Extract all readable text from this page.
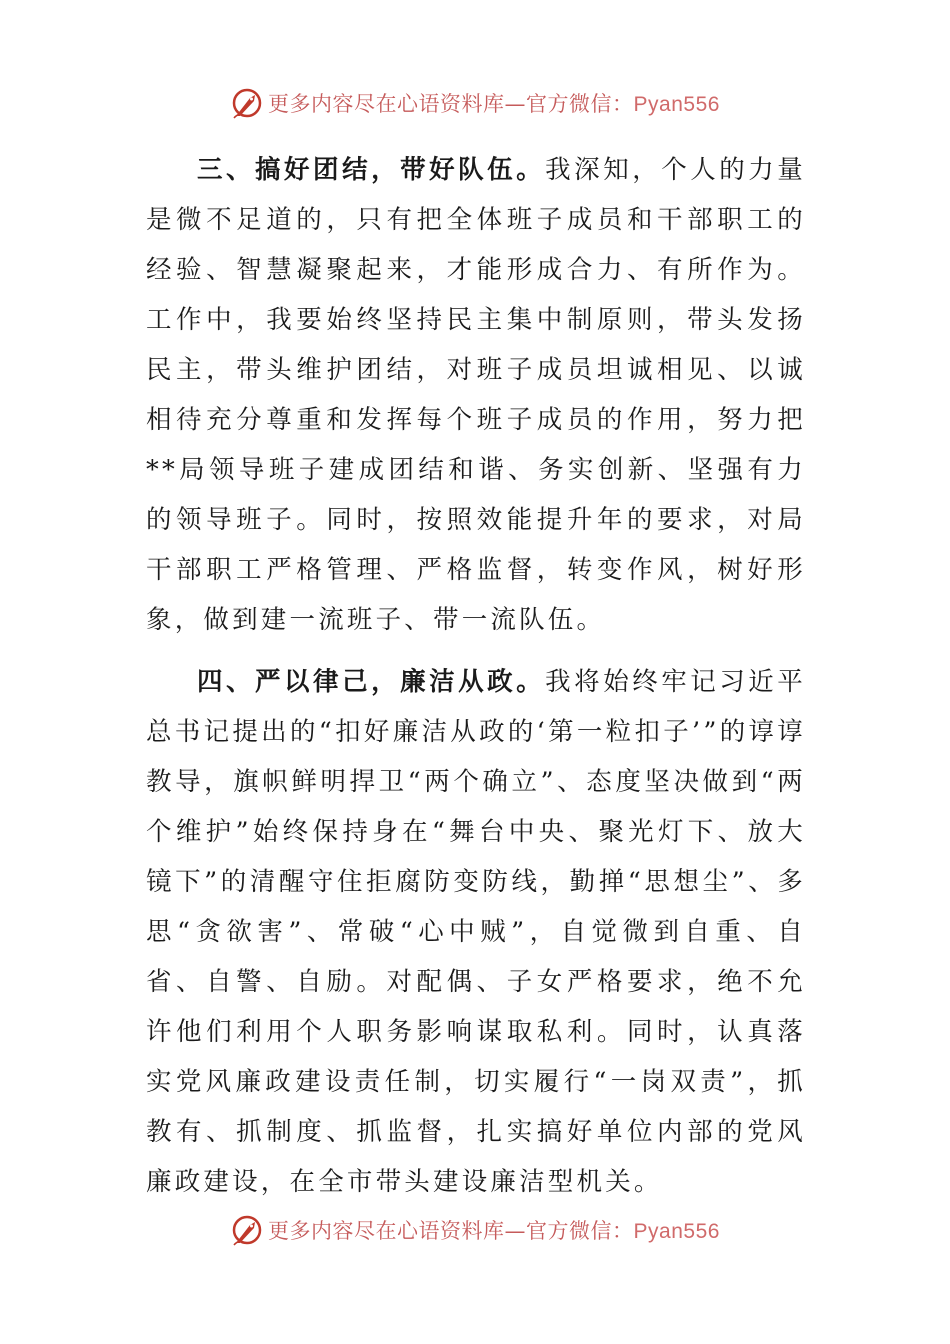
更多内容尽在心语资料库—官方微信：Pyan556

三、搞好团结，带好队伍。我深知，个人的力量是微不足道的，只有把全体班子成员和干部职工的经验、智慧凝聚起来，才能形成合力、有所作为。工作中，我要始终坚持民主集中制原则，带头发扬民主，带头维护团结，对班子成员坦诚相见、以诚相待充分尊重和发挥每个班子成员的作用，努力把**局领导班子建成团结和谐、务实创新、坚强有力的领导班子。同时，按照效能提升年的要求，对局干部职工严格管理、严格监督，转变作风，树好形象，做到建一流班子、带一流队伍。

四、严以律己，廉洁从政。我将始终牢记习近平总书记提出的“扣好廉洁从政的‘第一粒扣子’”的谆谆教导，旗帜鲜明捍卫“两个确立”、态度坚决做到“两个维护”始终保持身在“舞台中央、聚光灯下、放大镜下”的清醒守住拒腐防变防线，勤掸“思想尘”、多思“贪欲害”、常破“心中贼”，自觉微到自重、自省、自警、自励。对配偶、子女严格要求，绝不允许他们利用个人职务影响谋取私利。同时，认真落实党风廉政建设责任制，切实履行“一岗双责”，抓教有、抓制度、抓监督，扎实搞好单位内部的党风廉政建设，在全市带头建设廉洁型机关。

更多内容尽在心语资料库—官方微信：Pyan556
